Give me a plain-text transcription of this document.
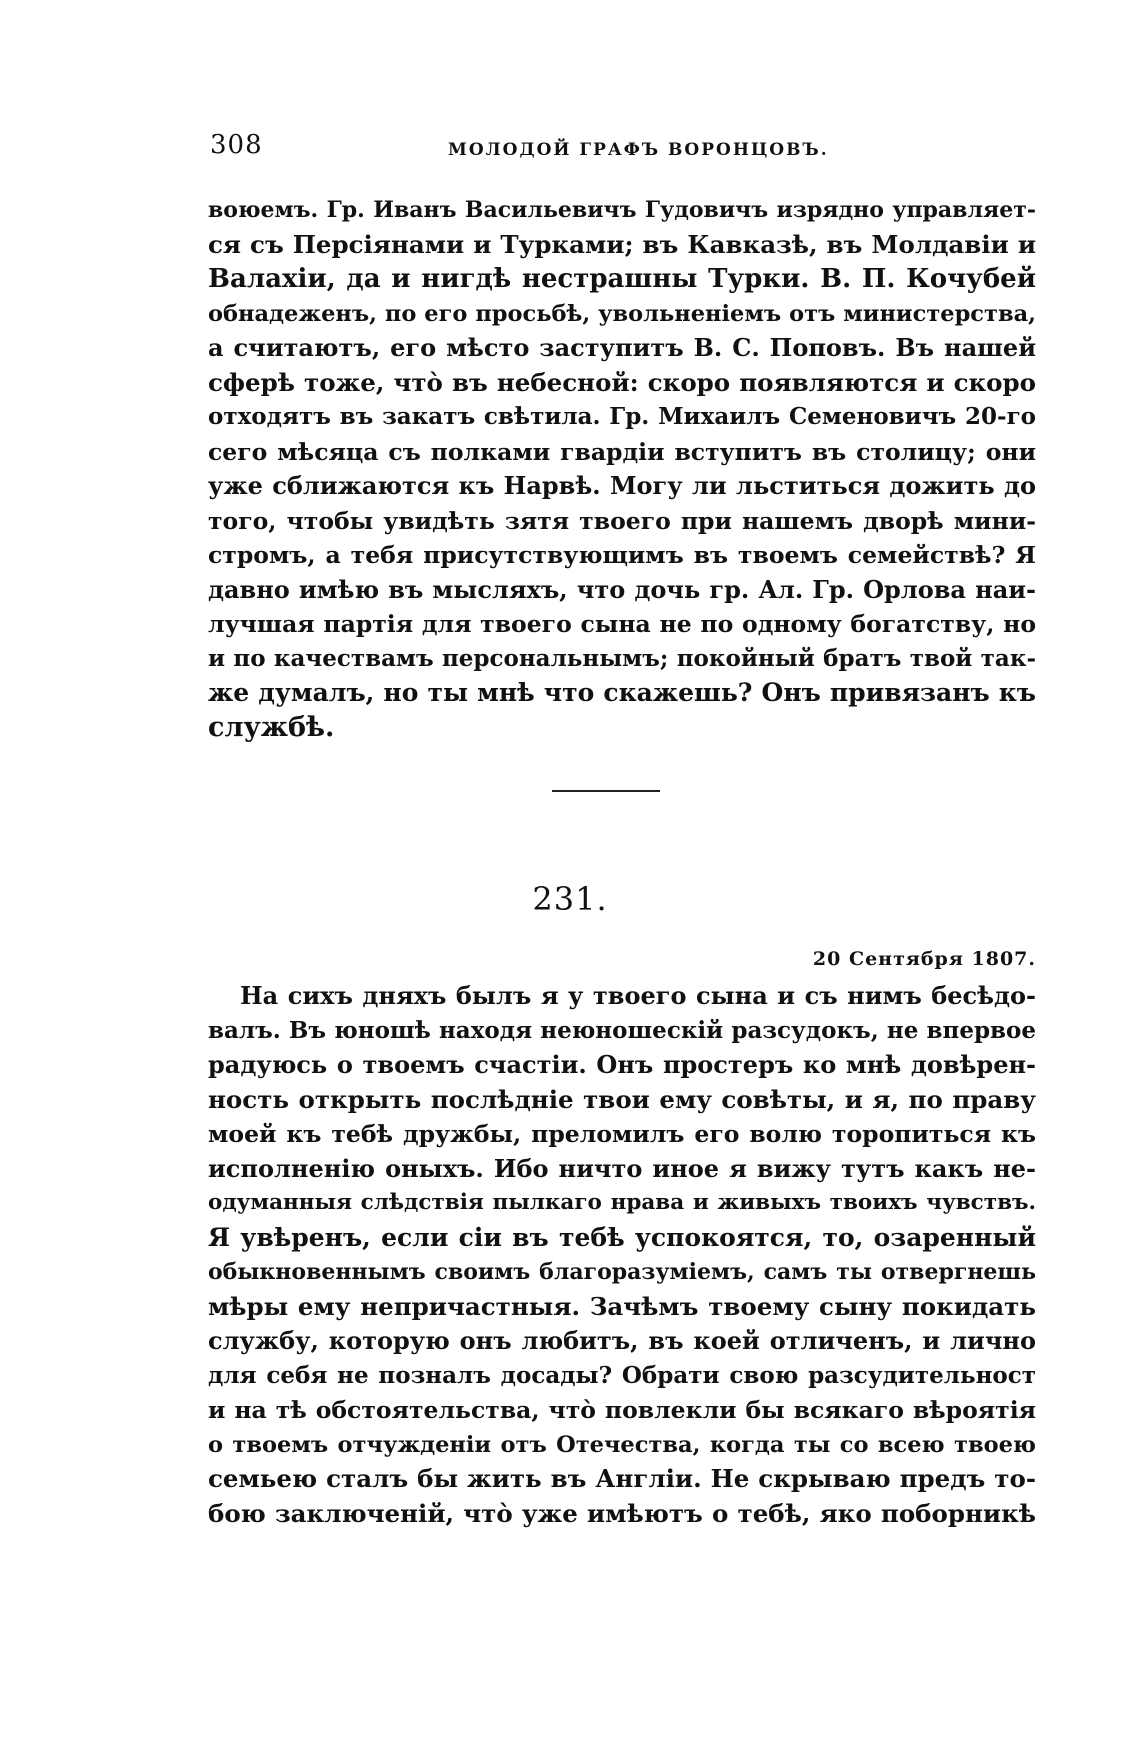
308	МОЛОДОЙ ГРАФЪ ВОРОНЦОВЪ.
воюемъ. Гр. Иванъ Васильевичъ Гудовичъ изрядно управляет-
ся съ Персіянами и Турками; въ Кавказѣ, въ Молдавіи и
Валахіи, да и нигдѣ нестрашны Турки. В. П. Кочубей
обнадеженъ, по его просьбѣ, увольненіемъ отъ министерства,
а считаютъ, его мѣсто заступитъ В. С. Поповъ. Въ нашей
сферѣ тоже, чтò въ небесной: скоро появляются и скоро
отходятъ въ закатъ свѣтила. Гр. Михаилъ Семеновичъ 20-го
сего мѣсяца съ полками гвардіи вступитъ въ столицу; они
уже сближаются къ Нарвѣ. Могу ли льститься дожить до
того, чтобы увидѣть зятя твоего при нашемъ дворѣ мини-
стромъ, а тебя присутствующимъ въ твоемъ семействѣ? Я
давно имѣю въ мысляхъ, что дочь гр. Ал. Гр. Орлова наи-
лучшая партія для твоего сына не по одному богатству, но
и по качествамъ персональнымъ; покойный братъ твой так-
же думалъ, но ты мнѣ что скажешь? Онъ привязанъ къ
службѣ.
231.
20 Сентября 1807.
На сихъ дняхъ былъ я у твоего сына и съ нимъ бесѣдо-
валъ. Въ юношѣ находя неюношескій разсудокъ, не впервое
радуюсь о твоемъ счастіи. Онъ простеръ ко мнѣ довѣрен-
ность открыть послѣдніе твои ему совѣты, и я, по праву
моей къ тебѣ дружбы, преломилъ его волю торопиться къ
исполненію оныхъ. Ибо ничто иное я вижу тутъ какъ не-
одуманныя слѣдствія пылкаго нрава и живыхъ твоихъ чувствъ.
Я увѣренъ, если сіи въ тебѣ успокоятся, то, озаренный
обыкновеннымъ своимъ благоразуміемъ, самъ ты отвергнешь
мѣры ему непричастныя. Зачѣмъ твоему сыну покидать
службу, которую онъ любитъ, въ коей отличенъ, и лично
для себя не позналъ досады? Обрати свою разсудительност
и на тѣ обстоятельства, чтò повлекли бы всякаго вѣроятія
о твоемъ отчужденіи отъ Отечества, когда ты со всею твоею
семьею сталъ бы жить въ Англіи. Не скрываю предъ то-
бою заключеній, чтò уже имѣютъ о тебѣ, яко поборникѣ
